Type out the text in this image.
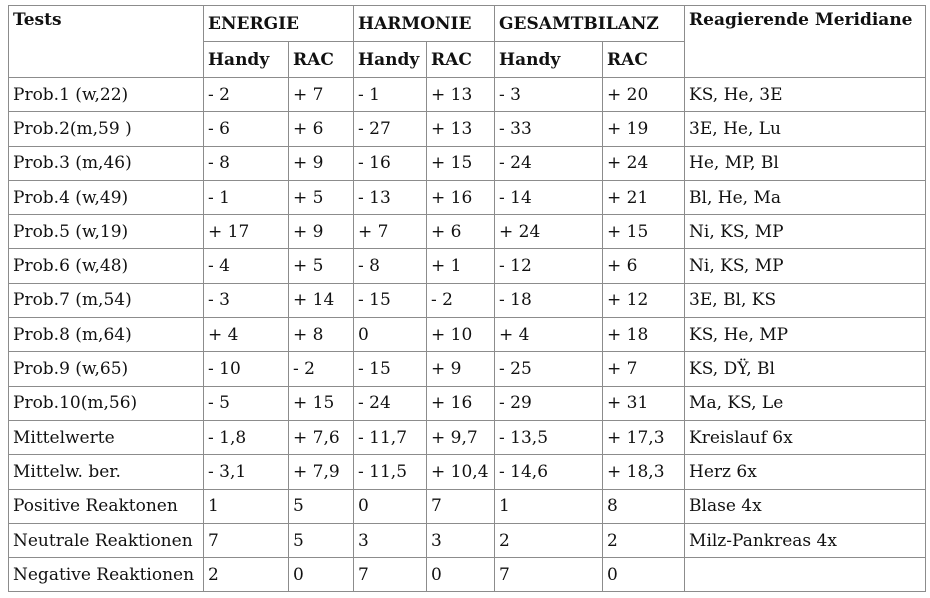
Tests	ENERGIE		HARMONIE		GESAMTBILANZ		Reagierende Meridiane
	Handy	RAC	Handy	RAC	Handy	RAC	
Prob.1 (w,22)	- 2	+ 7	- 1	+ 13	- 3	+ 20	KS, He, 3E
Prob.2(m,59 )	- 6	+ 6	- 27	+ 13	- 33	+ 19	3E, He, Lu
Prob.3 (m,46)	- 8	+ 9	- 16	+ 15	- 24	+ 24	He, MP, Bl
Prob.4 (w,49)	- 1	+ 5	- 13	+ 16	- 14	+ 21	Bl, He, Ma
Prob.5 (w,19)	+ 17	+ 9	+ 7	+ 6	+ 24	+ 15	Ni, KS, MP
Prob.6 (w,48)	- 4	+ 5	- 8	+ 1	- 12	+ 6	Ni, KS, MP
Prob.7 (m,54)	- 3	+ 14	- 15	- 2	- 18	+ 12	3E, Bl, KS
Prob.8 (m,64)	+ 4	+ 8	0	+ 10	+ 4	+ 18	KS, He, MP
Prob.9 (w,65)	- 10	- 2	- 15	+ 9	- 25	+ 7	KS, DŸ, Bl
Prob.10(m,56)	- 5	+ 15	- 24	+ 16	- 29	+ 31	Ma, KS, Le
Mittelwerte	- 1,8	+ 7,6	- 11,7	+ 9,7	- 13,5	+ 17,3	Kreislauf 6x
Mittelw. ber.	- 3,1	+ 7,9	- 11,5	+ 10,4	- 14,6	+ 18,3	Herz 6x
Positive Reaktonen	1	5	0	7	1	8	Blase 4x
Neutrale Reaktionen	7	5	3	3	2	2	Milz-Pankreas 4x
Negative Reaktionen	2	0	7	0	7	0	
